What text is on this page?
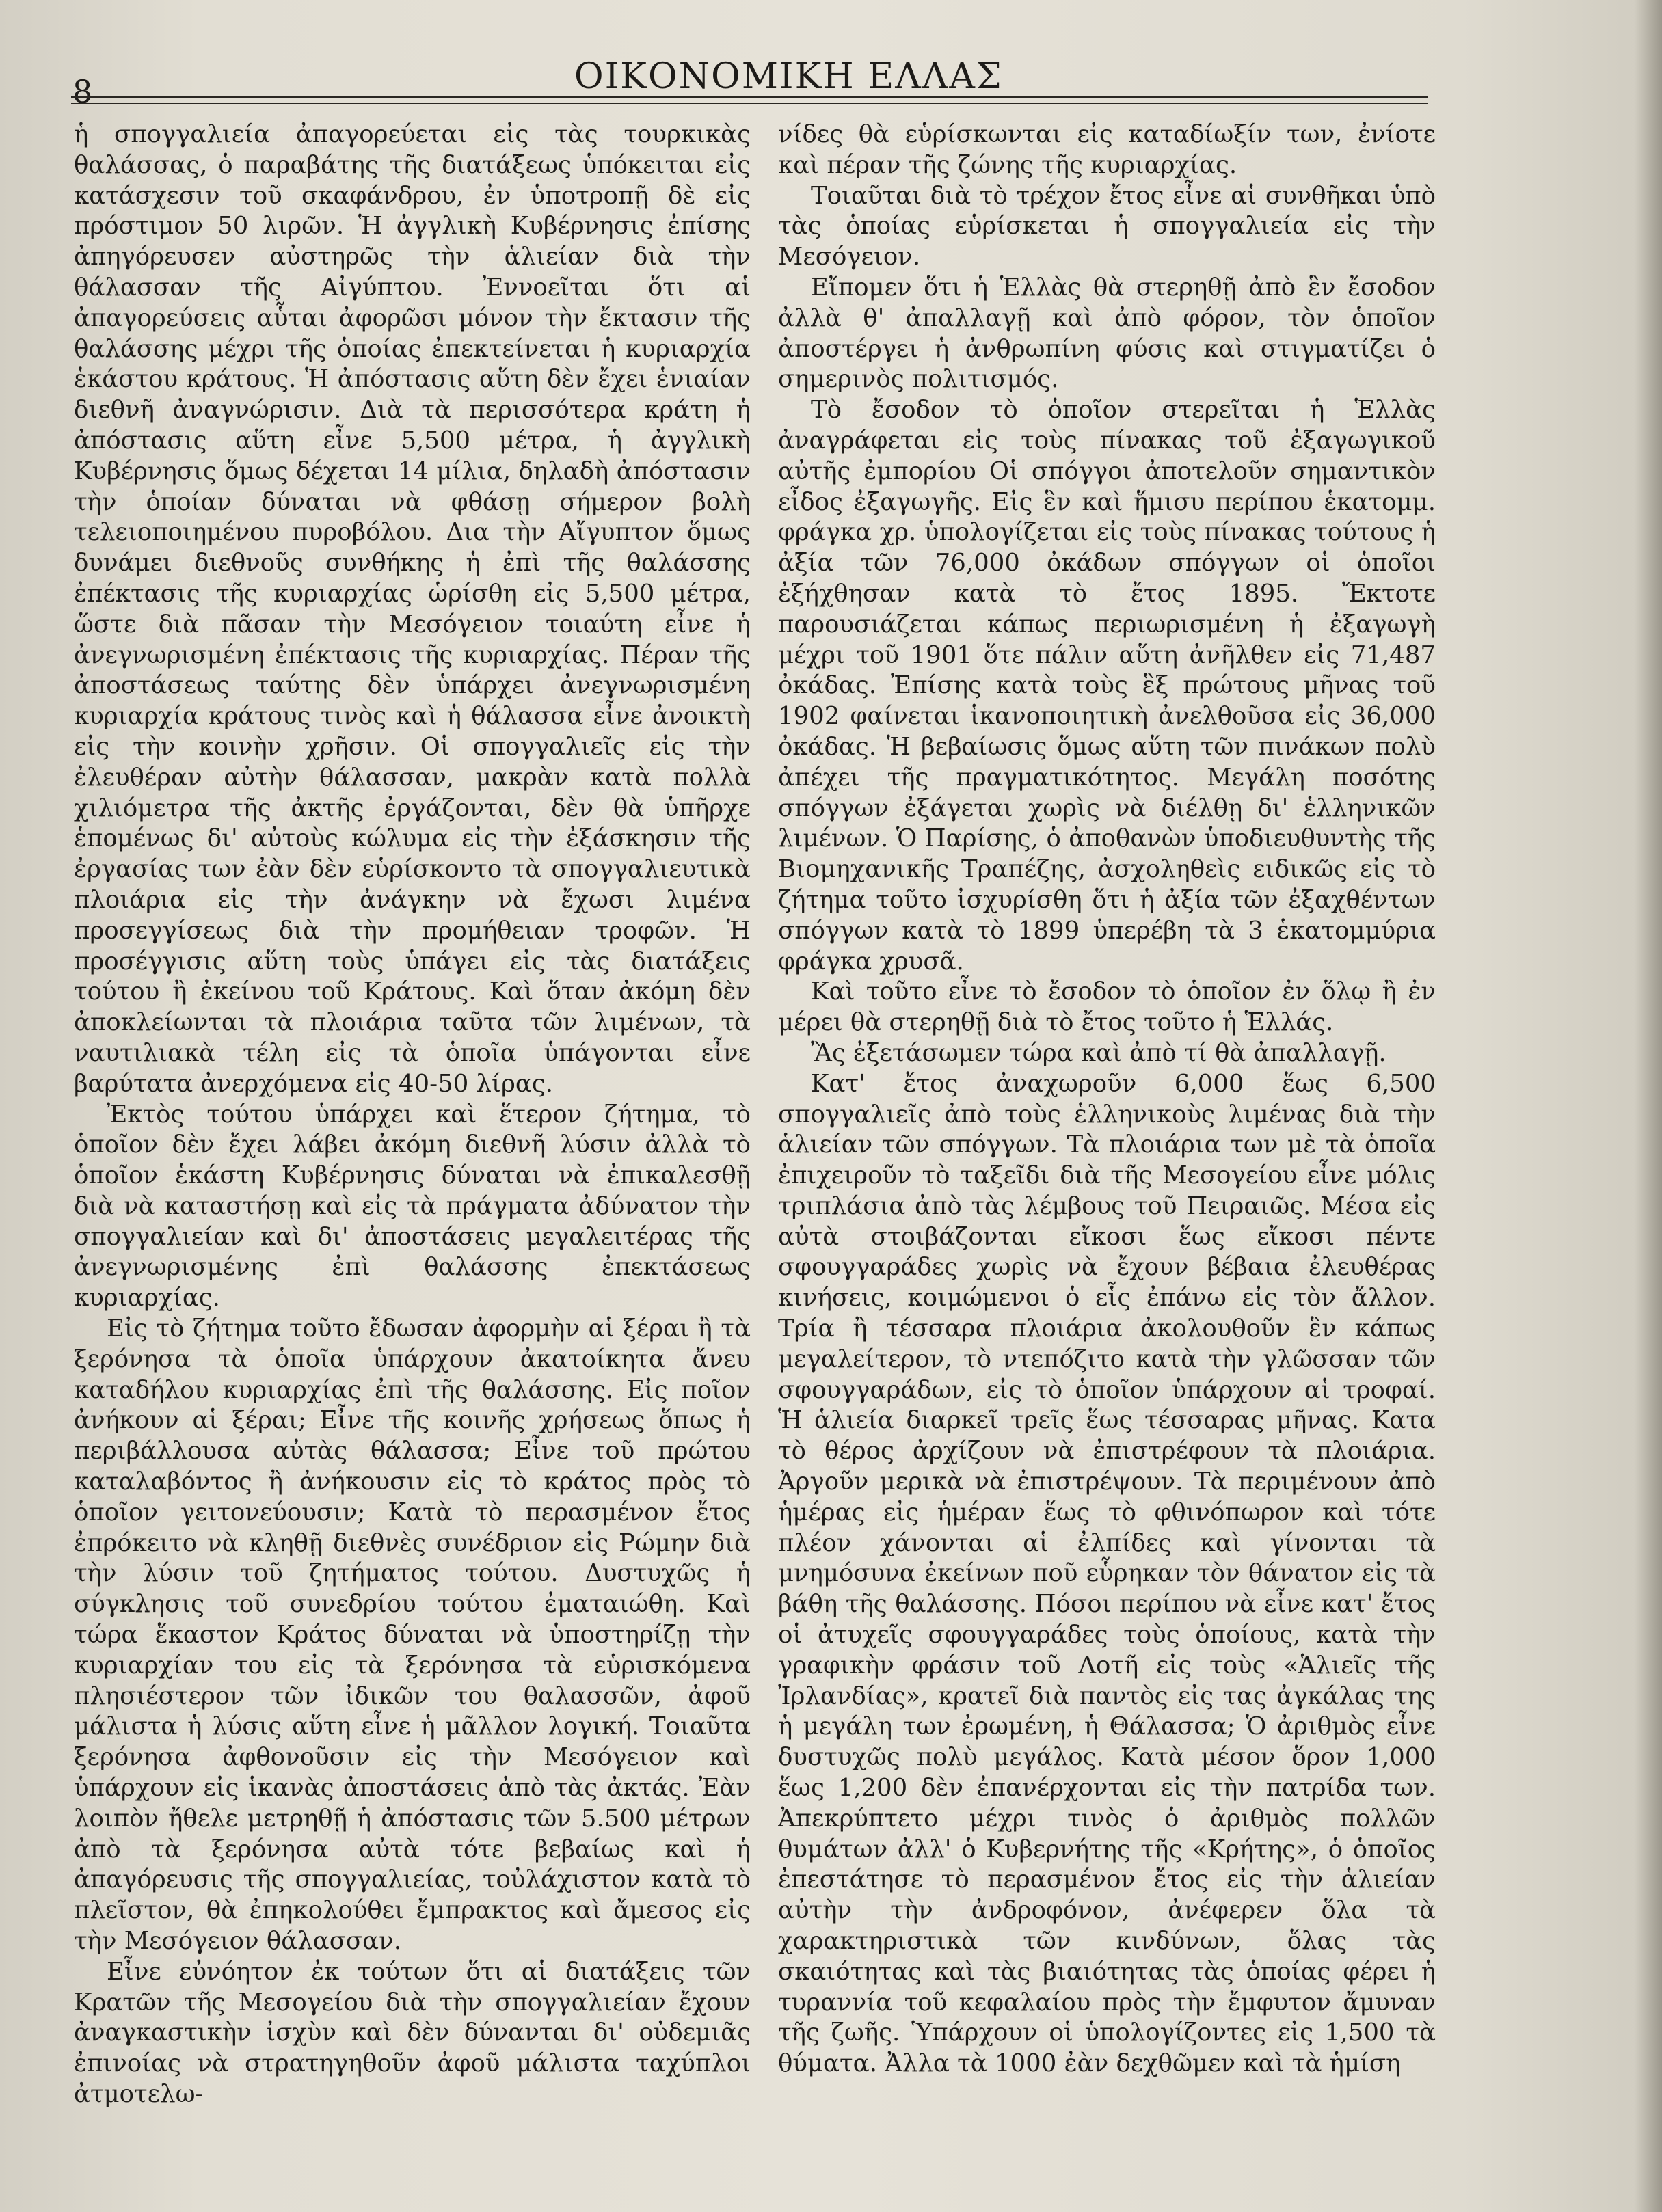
8	ΟΙΚΟΝΟΜΙΚΗ ΕΛΛΑΣ

ἡ σπογγαλιεία ἀπαγορεύεται εἰς τὰς τουρκικὰς θαλάσσας, ὁ παραβάτης τῆς διατάξεως ὑπόκειται εἰς κατάσχεσιν τοῦ σκαφάνδρου, ἐν ὑποτροπῇ δὲ εἰς πρόστιμον 50 λιρῶν. Ἡ ἀγγλικὴ Κυβέρνησις ἐπίσης ἀπηγόρευσεν αὐστηρῶς τὴν ἁλιείαν διὰ τὴν θάλασσαν τῆς Αἰγύπτου. Ἐννοεῖται ὅτι αἱ ἀπαγορεύσεις αὗται ἀφορῶσι μόνον τὴν ἔκτασιν τῆς θαλάσσης μέχρι τῆς ὁποίας ἐπεκτείνεται ἡ κυριαρχία ἑκάστου κράτους. Ἡ ἀπόστασις αὕτη δὲν ἔχει ἑνιαίαν διεθνῆ ἀναγνώρισιν. Διὰ τὰ περισσότερα κράτη ἡ ἀπόστασις αὕτη εἶνε 5,500 μέτρα, ἡ ἀγγλικὴ Κυβέρνησις ὅμως δέχεται 14 μίλια, δηλαδὴ ἀπόστασιν τὴν ὁποίαν δύναται νὰ φθάσῃ σήμερον βολὴ τελειοποιημένου πυροβόλου. Δια τὴν Αἴγυπτον ὅμως δυνάμει διεθνοῦς συνθήκης ἡ ἐπὶ τῆς θαλάσσης ἐπέκτασις τῆς κυριαρχίας ὡρίσθη εἰς 5,500 μέτρα, ὥστε διὰ πᾶσαν τὴν Μεσόγειον τοιαύτη εἶνε ἡ ἀνεγνωρισμένη ἐπέκτασις τῆς κυριαρχίας. Πέραν τῆς ἀποστάσεως ταύτης δὲν ὑπάρχει ἀνεγνωρισμένη κυριαρχία κράτους τινὸς καὶ ἡ θάλασσα εἶνε ἀνοικτὴ εἰς τὴν κοινὴν χρῆσιν. Οἱ σπογγαλιεῖς εἰς τὴν ἐλευθέραν αὐτὴν θάλασσαν, μακρὰν κατὰ πολλὰ χιλιόμετρα τῆς ἀκτῆς ἐργάζονται, δὲν θὰ ὑπῆρχε ἑπομένως δι' αὐτοὺς κώλυμα εἰς τὴν ἐξάσκησιν τῆς ἐργασίας των ἐὰν δὲν εὑρίσκοντο τὰ σπογγαλιευτικὰ πλοιάρια εἰς τὴν ἀνάγκην νὰ ἔχωσι λιμένα προσεγγίσεως διὰ τὴν προμήθειαν τροφῶν. Ἡ προσέγγισις αὕτη τοὺς ὑπάγει εἰς τὰς διατάξεις τούτου ἢ ἐκείνου τοῦ Κράτους. Καὶ ὅταν ἀκόμη δὲν ἀποκλείωνται τὰ πλοιάρια ταῦτα τῶν λιμένων, τὰ ναυτιλιακὰ τέλη εἰς τὰ ὁποῖα ὑπάγονται εἶνε βαρύτατα ἀνερχόμενα εἰς 40-50 λίρας.

Ἐκτὸς τούτου ὑπάρχει καὶ ἕτερον ζήτημα, τὸ ὁποῖον δὲν ἔχει λάβει ἀκόμη διεθνῆ λύσιν ἀλλὰ τὸ ὁποῖον ἑκάστη Κυβέρνησις δύναται νὰ ἐπικαλεσθῇ διὰ νὰ καταστήσῃ καὶ εἰς τὰ πράγματα ἀδύνατον τὴν σπογγαλιείαν καὶ δι' ἀποστάσεις μεγαλειτέρας τῆς ἀνεγνωρισμένης ἐπὶ θαλάσσης ἐπεκτάσεως κυριαρχίας.

Εἰς τὸ ζήτημα τοῦτο ἔδωσαν ἀφορμὴν αἱ ξέραι ἢ τὰ ξερόνησα τὰ ὁποῖα ὑπάρχουν ἀκατοίκητα ἄνευ καταδήλου κυριαρχίας ἐπὶ τῆς θαλάσσης. Εἰς ποῖον ἀνήκουν αἱ ξέραι; Εἶνε τῆς κοινῆς χρήσεως ὅπως ἡ περιβάλλουσα αὐτὰς θάλασσα; Εἶνε τοῦ πρώτου καταλαβόντος ἢ ἀνήκουσιν εἰς τὸ κράτος πρὸς τὸ ὁποῖον γειτονεύουσιν; Κατὰ τὸ περασμένον ἔτος ἐπρόκειτο νὰ κληθῇ διεθνὲς συνέδριον εἰς Ρώμην διὰ τὴν λύσιν τοῦ ζητήματος τούτου. Δυστυχῶς ἡ σύγκλησις τοῦ συνεδρίου τούτου ἐματαιώθη. Καὶ τώρα ἕκαστον Κράτος δύναται νὰ ὑποστηρίζῃ τὴν κυριαρχίαν του εἰς τὰ ξερόνησα τὰ εὑρισκόμενα πλησιέστερον τῶν ἰδικῶν του θαλασσῶν, ἀφοῦ μάλιστα ἡ λύσις αὕτη εἶνε ἡ μᾶλλον λογική. Τοιαῦτα ξερόνησα ἀφθονοῦσιν εἰς τὴν Μεσόγειον καὶ ὑπάρχουν εἰς ἱκανὰς ἀποστάσεις ἀπὸ τὰς ἀκτάς. Ἐὰν λοιπὸν ἤθελε μετρηθῇ ἡ ἀπόστασις τῶν 5.500 μέτρων ἀπὸ τὰ ξερόνησα αὐτὰ τότε βεβαίως καὶ ἡ ἀπαγόρευσις τῆς σπογγαλιείας, τοὐλάχιστον κατὰ τὸ πλεῖστον, θὰ ἐπηκολούθει ἔμπρακτος καὶ ἄμεσος εἰς τὴν Μεσόγειον θάλασσαν.

Εἶνε εὐνόητον ἐκ τούτων ὅτι αἱ διατάξεις τῶν Κρατῶν τῆς Μεσογείου διὰ τὴν σπογγαλιείαν ἔχουν ἀναγκαστικὴν ἰσχὺν καὶ δὲν δύνανται δι' οὐδεμιᾶς ἐπινοίας νὰ στρατηγηθοῦν ἀφοῦ μάλιστα ταχύπλοι ἀτμοτελω-

νίδες θὰ εὑρίσκωνται εἰς καταδίωξίν των, ἐνίοτε καὶ πέραν τῆς ζώνης τῆς κυριαρχίας.

Τοιαῦται διὰ τὸ τρέχον ἔτος εἶνε αἱ συνθῆκαι ὑπὸ τὰς ὁποίας εὑρίσκεται ἡ σπογγαλιεία εἰς τὴν Μεσόγειον.

Εἴπομεν ὅτι ἡ Ἑλλὰς θὰ στερηθῇ ἀπὸ ἓν ἔσοδον ἀλλὰ θ' ἀπαλλαγῇ καὶ ἀπὸ φόρον, τὸν ὁποῖον ἀποστέργει ἡ ἀνθρωπίνη φύσις καὶ στιγματίζει ὁ σημερινὸς πολιτισμός.

Τὸ ἔσοδον τὸ ὁποῖον στερεῖται ἡ Ἑλλὰς ἀναγράφεται εἰς τοὺς πίνακας τοῦ ἐξαγωγικοῦ αὐτῆς ἐμπορίου Οἱ σπόγγοι ἀποτελοῦν σημαντικὸν εἶδος ἐξαγωγῆς. Εἰς ἓν καὶ ἥμισυ περίπου ἑκατομμ. φράγκα χρ. ὑπολογίζεται εἰς τοὺς πίνακας τούτους ἡ ἀξία τῶν 76,000 ὀκάδων σπόγγων οἱ ὁποῖοι ἐξήχθησαν κατὰ τὸ ἔτος 1895. Ἔκτοτε παρουσιάζεται κάπως περιωρισμένη ἡ ἐξαγωγὴ μέχρι τοῦ 1901 ὅτε πάλιν αὕτη ἀνῆλθεν εἰς 71,487 ὀκάδας. Ἐπίσης κατὰ τοὺς ἓξ πρώτους μῆνας τοῦ 1902 φαίνεται ἱκανοποιητικὴ ἀνελθοῦσα εἰς 36,000 ὀκάδας. Ἡ βεβαίωσις ὅμως αὕτη τῶν πινάκων πολὺ ἀπέχει τῆς πραγματικότητος. Μεγάλη ποσότης σπόγγων ἐξάγεται χωρὶς νὰ διέλθῃ δι' ἑλληνικῶν λιμένων. Ὁ Παρίσης, ὁ ἀποθανὼν ὑποδιευθυντὴς τῆς Βιομηχανικῆς Τραπέζης, ἀσχοληθεὶς ειδικῶς εἰς τὸ ζήτημα τοῦτο ἰσχυρίσθη ὅτι ἡ ἀξία τῶν ἐξαχθέντων σπόγγων κατὰ τὸ 1899 ὑπερέβη τὰ 3 ἑκατομμύρια φράγκα χρυσᾶ.

Καὶ τοῦτο εἶνε τὸ ἔσοδον τὸ ὁποῖον ἐν ὅλῳ ἢ ἐν μέρει θὰ στερηθῇ διὰ τὸ ἔτος τοῦτο ἡ Ἑλλάς.

Ἂς ἐξετάσωμεν τώρα καὶ ἀπὸ τί θὰ ἀπαλλαγῇ.

Κατ' ἔτος ἀναχωροῦν 6,000 ἕως 6,500 σπογγαλιεῖς ἀπὸ τοὺς ἑλληνικοὺς λιμένας διὰ τὴν ἁλιείαν τῶν σπόγγων. Τὰ πλοιάρια των μὲ τὰ ὁποῖα ἐπιχειροῦν τὸ ταξεῖδι διὰ τῆς Μεσογείου εἶνε μόλις τριπλάσια ἀπὸ τὰς λέμβους τοῦ Πειραιῶς. Μέσα εἰς αὐτὰ στοιβάζονται εἴκοσι ἕως εἴκοσι πέντε σφουγγαράδες χωρὶς νὰ ἔχουν βέβαια ἐλευθέρας κινήσεις, κοιμώμενοι ὁ εἷς ἐπάνω εἰς τὸν ἄλλον. Τρία ἢ τέσσαρα πλοιάρια ἀκολουθοῦν ἓν κάπως μεγαλείτερον, τὸ ντεπόζιτο κατὰ τὴν γλῶσσαν τῶν σφουγγαράδων, εἰς τὸ ὁποῖον ὑπάρχουν αἱ τροφαί. Ἡ ἁλιεία διαρκεῖ τρεῖς ἕως τέσσαρας μῆνας. Κατα τὸ θέρος ἀρχίζουν νὰ ἐπιστρέφουν τὰ πλοιάρια. Ἀργοῦν μερικὰ νὰ ἐπιστρέψουν. Τὰ περιμένουν ἀπὸ ἡμέρας εἰς ἡμέραν ἕως τὸ φθινόπωρον καὶ τότε πλέον χάνονται αἱ ἐλπίδες καὶ γίνονται τὰ μνημόσυνα ἐκείνων ποῦ εὗρηκαν τὸν θάνατον εἰς τὰ βάθη τῆς θαλάσσης. Πόσοι περίπου νὰ εἶνε κατ' ἔτος οἱ ἀτυχεῖς σφουγγαράδες τοὺς ὁποίους, κατὰ τὴν γραφικὴν φράσιν τοῦ Λοτῆ εἰς τοὺς «Ἁλιεῖς τῆς Ἰρλανδίας», κρατεῖ διὰ παντὸς εἰς τας ἀγκάλας της ἡ μεγάλη των ἐρωμένη, ἡ Θάλασσα; Ὁ ἀριθμὸς εἶνε δυστυχῶς πολὺ μεγάλος. Κατὰ μέσον ὅρον 1,000 ἕως 1,200 δὲν ἐπανέρχονται εἰς τὴν πατρίδα των. Ἀπεκρύπτετο μέχρι τινὸς ὁ ἀριθμὸς πολλῶν θυμάτων ἀλλ' ὁ Κυβερνήτης τῆς «Κρήτης», ὁ ὁποῖος ἐπεστάτησε τὸ περασμένον ἔτος εἰς τὴν ἁλιείαν αὐτὴν τὴν ἀνδροφόνον, ἀνέφερεν ὅλα τὰ χαρακτηριστικὰ τῶν κινδύνων, ὅλας τὰς σκαιότητας καὶ τὰς βιαιότητας τὰς ὁποίας φέρει ἡ τυραννία τοῦ κεφαλαίου πρὸς τὴν ἔμφυτον ἄμυναν τῆς ζωῆς. Ὑπάρχουν οἱ ὑπολογίζοντες εἰς 1,500 τὰ θύματα. Ἀλλα τὰ 1000 ἐὰν δεχθῶμεν καὶ τὰ ἡμίση
